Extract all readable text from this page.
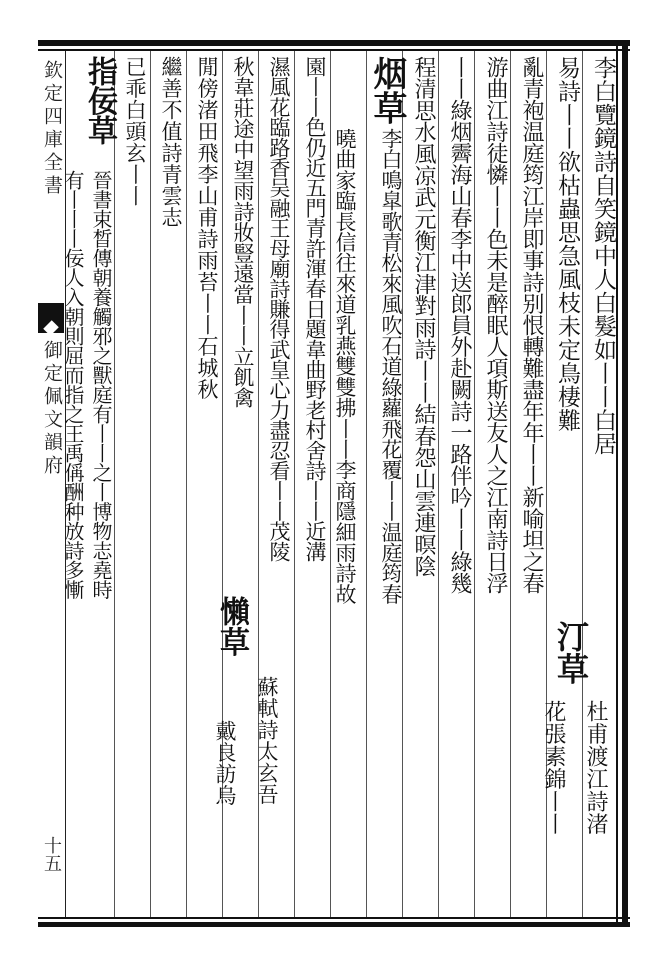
欽定四庫全書
御定佩文韻府
十五
李白覽鏡詩自笑鏡中人白髮如丨丨白居
易詩丨丨欲枯蟲思急風枝未定鳥棲難
汀草
杜甫渡江詩渚
花張素錦丨丨
亂青袍温庭筠江岸即事詩别恨轉難盡年年丨丨新喻坦之春
游曲江詩徒憐丨丨色未是醉眠人項斯送友人之江南詩日浮
丨丨綠烟霽海山春李中送郎員外赴闕詩一路伴吟丨丨綠幾
程清思水風凉武元衡江津對雨詩丨丨結春怨山雲連暝陰
烟草
李白鳴皐歌青松來風吹石道綠蘿飛花覆丨丨温庭筠春
曉曲家臨長信往來道乳燕雙雙拂丨丨李商隱細雨詩故
園丨丨色仍近五門青許渾春日題韋曲野老村舍詩丨丨近溝
濕風花臨路香吴融王母廟詩賺得武皇心力盡忍看丨丨茂陵
秋韋莊途中望雨詩妝豎遠當丨丨立飢禽
懶草
蘇軾詩太玄吾
戴良訪烏
閒傍渚田飛李山甫詩雨苔丨丨石城秋
繼善不值詩青雲志
已乖白頭玄丨丨
指佞草
晉書束晳傳朝養觸邪之獸庭有丨丨之丨博物志堯時
有丨丨丨佞人入朝則屈而指之王禹偁酬种放詩多慚
